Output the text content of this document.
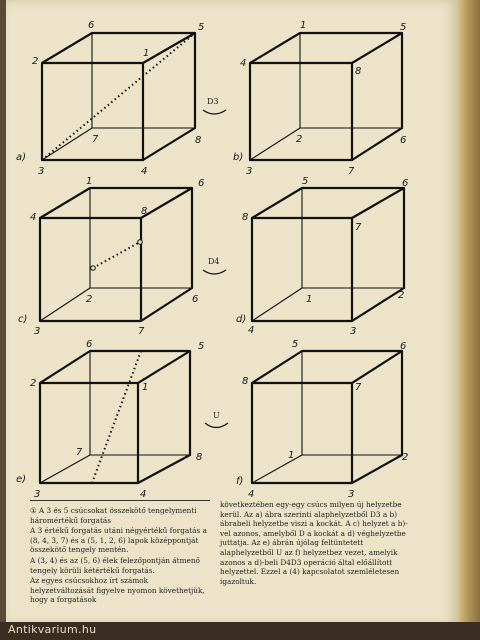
6	5
2
1
7	8
3	4
a)
1	5
4
8
2	6
3	7
b)
1	6
4
8
2	6
3	7
c)
5	6
8
7
1	2
4	3
d)
6	5
2	1
7	8
3	4
e)
5	6
8
7
1	2
4	3
f)
D3
D4
U

① A 3 és 5 csúcsokat összekötő tengelymenti háromértékű forgatás

A 3 értékű forgatás utáni négyértékű forgatás a (8, 4, 3, 7) és a (5, 1, 2, 6) lapok középpontját összekötő tengely mentén.

A (3, 4) és az (5, 6) élek felezőpontján átmenő tengely körüli kétértékű forgatás.

Az egyes csúcsokhoz írt számok helyzetváltozását figyelve nyomon követhetjük, hogy a forgatások

következtében egy-egy csúcs milyen új helyzetbe kerül. Az a) ábra szerinti alaphelyzetből D3 a b) ábrabeli helyzetbe viszi a kockát. A c) helyzet a b)-vel azonos, amelyből D a kockát a d) véghelyzetbe juttatja. Az e) ábrán újólag feltüntetett alaphelyzetből U az f) helyzetbez vezet, amelyik azonos a d)-beli D4D3 operáció által előállított helyzettel. Ezzel a (4) kapcsolatot szemléletesen igazoltuk.

Antikvarium.hu
